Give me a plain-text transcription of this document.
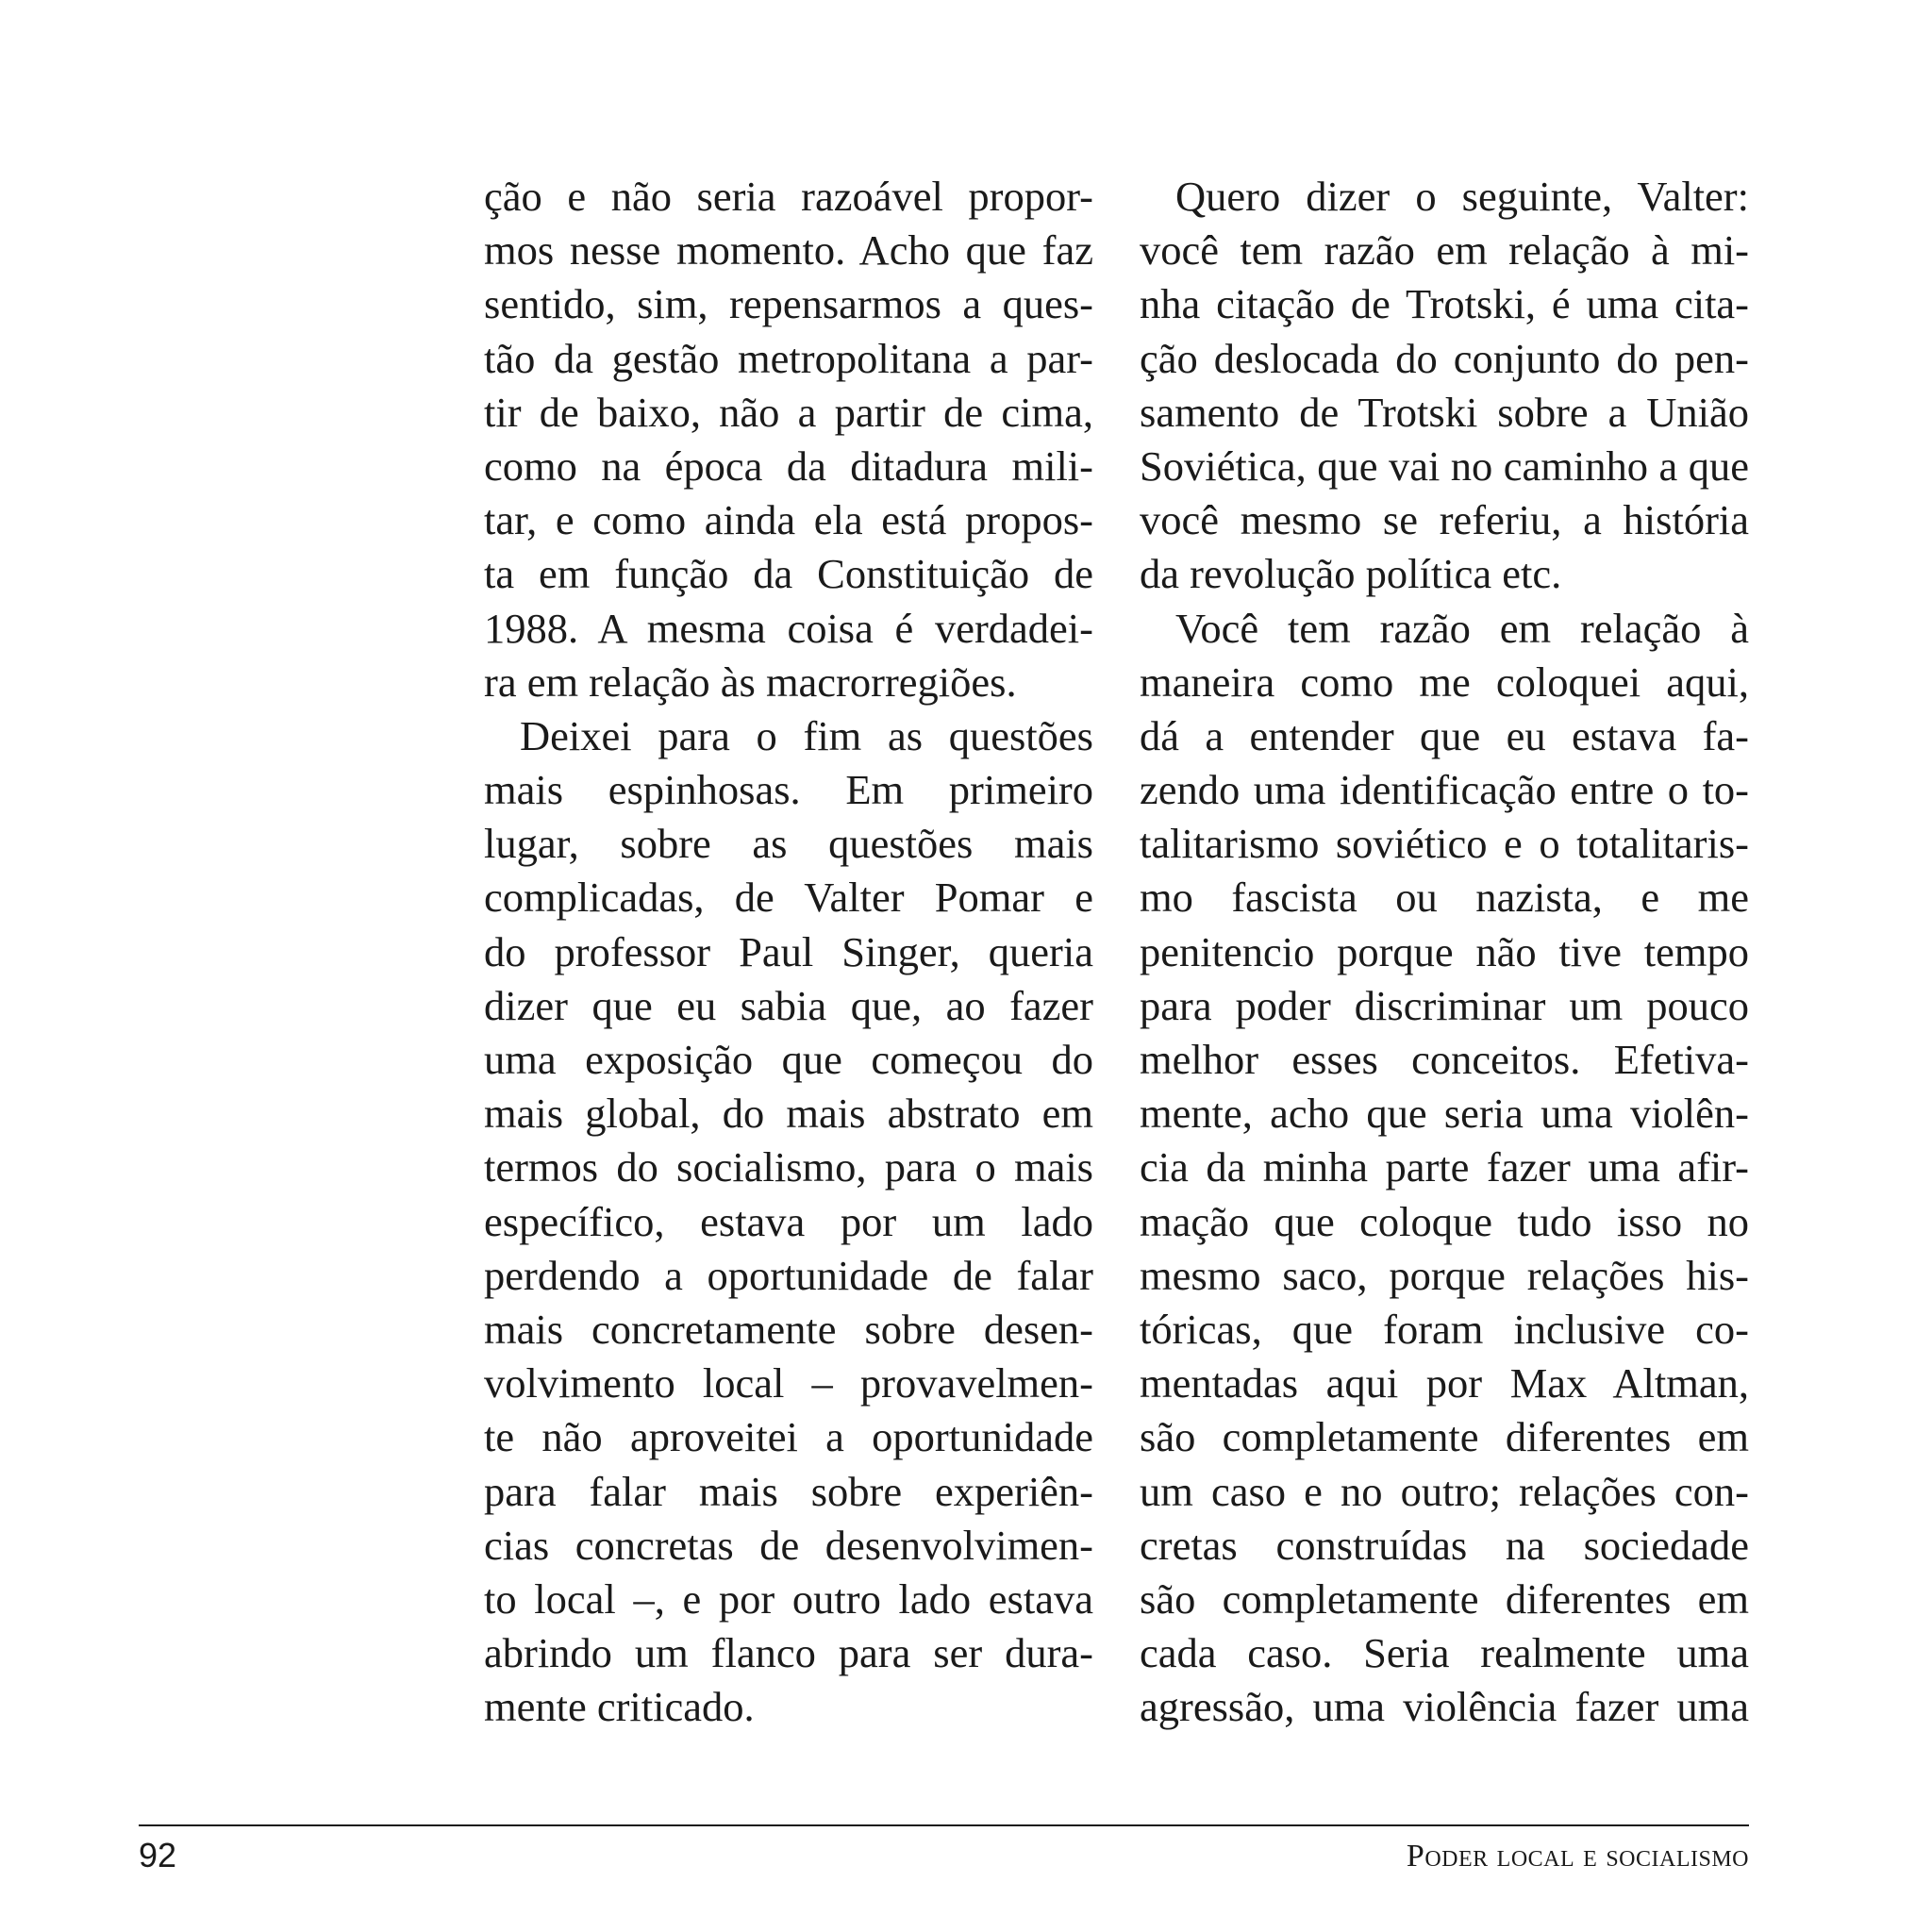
ção e não seria razoável propor-
mos nesse momento. Acho que faz
sentido, sim, repensarmos a ques-
tão da gestão metropolitana a par-
tir de baixo, não a partir de cima,
como na época da ditadura mili-
tar, e como ainda ela está propos-
ta em função da Constituição de
1988. A mesma coisa é verdadei-
ra em relação às macrorregiões.
Deixei para o fim as questões
mais espinhosas. Em primeiro
lugar, sobre as questões mais
complicadas, de Valter Pomar e
do professor Paul Singer, queria
dizer que eu sabia que, ao fazer
uma exposição que começou do
mais global, do mais abstrato em
termos do socialismo, para o mais
específico, estava por um lado
perdendo a oportunidade de falar
mais concretamente sobre desen-
volvimento local – provavelmen-
te não aproveitei a oportunidade
para falar mais sobre experiên-
cias concretas de desenvolvimen-
to local –, e por outro lado estava
abrindo um flanco para ser dura-
mente criticado.
Quero dizer o seguinte, Valter:
você tem razão em relação à mi-
nha citação de Trotski, é uma cita-
ção deslocada do conjunto do pen-
samento de Trotski sobre a União
Soviética, que vai no caminho a que
você mesmo se referiu, a história
da revolução política etc.
Você tem razão em relação à
maneira como me coloquei aqui,
dá a entender que eu estava fa-
zendo uma identificação entre o to-
talitarismo soviético e o totalitaris-
mo fascista ou nazista, e me
penitencio porque não tive tempo
para poder discriminar um pouco
melhor esses conceitos. Efetiva-
mente, acho que seria uma violên-
cia da minha parte fazer uma afir-
mação que coloque tudo isso no
mesmo saco, porque relações his-
tóricas, que foram inclusive co-
mentadas aqui por Max Altman,
são completamente diferentes em
um caso e no outro; relações con-
cretas construídas na sociedade
são completamente diferentes em
cada caso. Seria realmente uma
agressão, uma violência fazer uma
92	Poder local e socialismo
